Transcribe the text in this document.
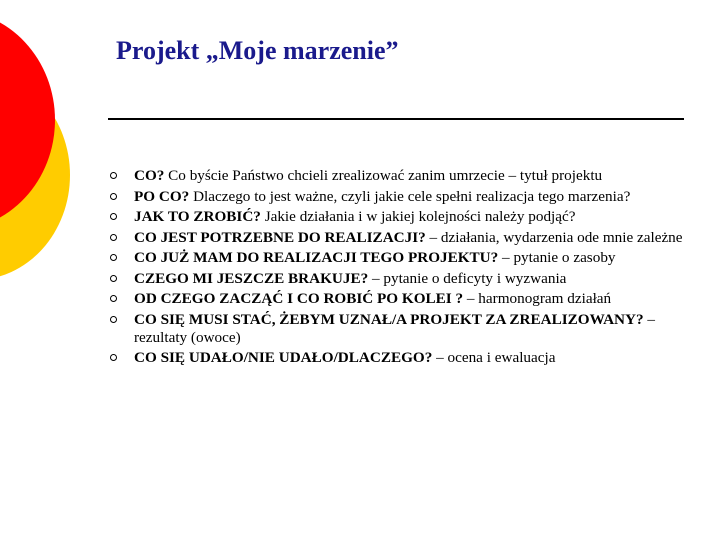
Projekt „Moje marzenie”
CO? Co byście Państwo chcieli zrealizować zanim umrzecie – tytuł projektu
PO CO? Dlaczego to jest ważne, czyli jakie cele spełni realizacja tego marzenia?
JAK TO ZROBIĆ? Jakie działania i w jakiej kolejności należy podjąć?
CO JEST POTRZEBNE DO REALIZACJI? – działania, wydarzenia ode mnie zależne
CO JUŻ MAM DO REALIZACJI TEGO PROJEKTU? – pytanie o zasoby
CZEGO MI JESZCZE BRAKUJE? – pytanie o deficyty i wyzwania
OD CZEGO ZACZĄĆ I CO ROBIĆ PO KOLEI ? – harmonogram działań
CO SIĘ MUSI STAĆ, ŻEBYM UZNAŁ/A PROJEKT ZA ZREALIZOWANY? – rezultaty (owoce)
CO SIĘ UDAŁO/NIE UDAŁO/DLACZEGO? – ocena i ewaluacja
